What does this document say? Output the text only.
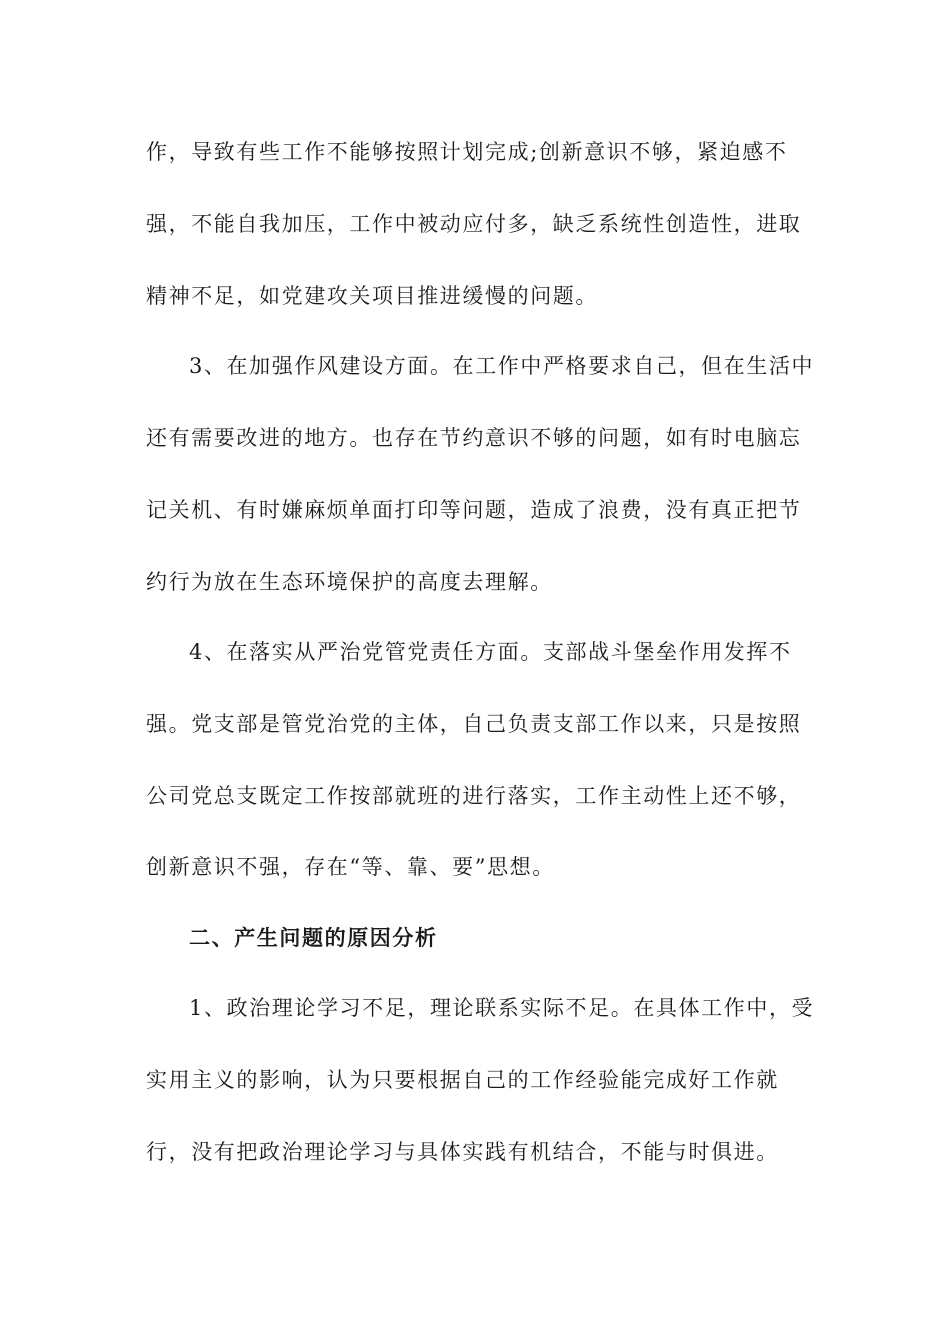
作，导致有些工作不能够按照计划完成;创新意识不够，紧迫感不
强，不能自我加压，工作中被动应付多，缺乏系统性创造性，进取
精神不足，如党建攻关项目推进缓慢的问题。
3、在加强作风建设方面。在工作中严格要求自己，但在生活中
还有需要改进的地方。也存在节约意识不够的问题，如有时电脑忘
记关机、有时嫌麻烦单面打印等问题，造成了浪费，没有真正把节
约行为放在生态环境保护的高度去理解。
4、在落实从严治党管党责任方面。支部战斗堡垒作用发挥不
强。党支部是管党治党的主体，自己负责支部工作以来，只是按照
公司党总支既定工作按部就班的进行落实，工作主动性上还不够，
创新意识不强，存在“等、靠、要”思想。
二、产生问题的原因分析
1、政治理论学习不足，理论联系实际不足。在具体工作中，受
实用主义的影响，认为只要根据自己的工作经验能完成好工作就
行，没有把政治理论学习与具体实践有机结合，不能与时俱进。
